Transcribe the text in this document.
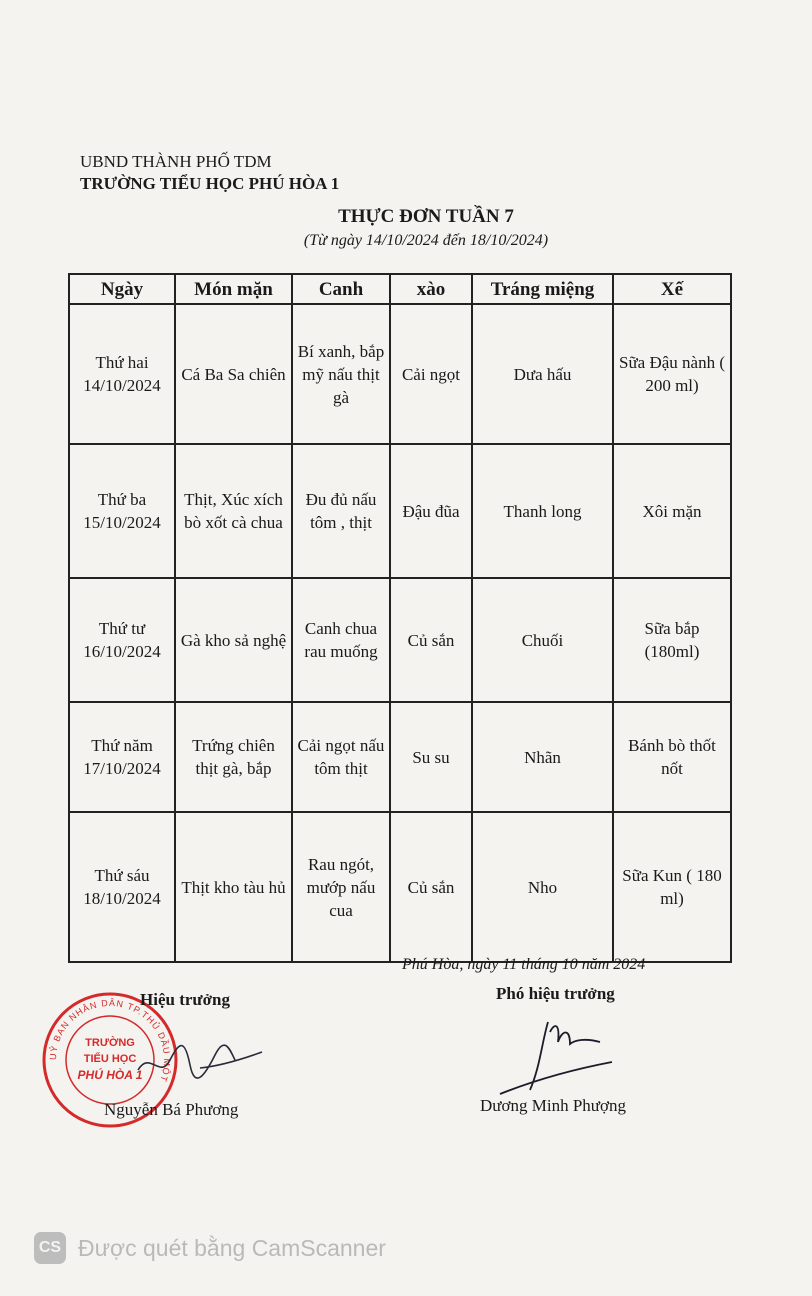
UBND THÀNH PHỐ TDM
TRƯỜNG TIỂU HỌC PHÚ HÒA 1
THỰC ĐƠN TUẦN 7
(Từ ngày 14/10/2024 đến 18/10/2024)
Ngày	Món mặn	Canh	xào	Tráng miệng	Xế

Thứ hai
14/10/2024	Cá Ba Sa chiên	Bí xanh, bắp mỹ nấu thịt gà	Cải ngọt	Dưa hấu	Sữa Đậu nành ( 200 ml)

Thứ ba
15/10/2024	Thịt, Xúc xích bò xốt cà chua	Đu đủ nấu tôm , thịt	Đậu đũa	Thanh long	Xôi mặn

Thứ tư
16/10/2024	Gà kho sả nghệ	Canh chua rau muống	Củ sắn	Chuối	Sữa bắp (180ml)

Thứ năm
17/10/2024	Trứng chiên thịt gà, bắp	Cải ngọt nấu tôm thịt	Su su	Nhãn	Bánh bò thốt nốt

Thứ sáu
18/10/2024	Thịt kho tàu hủ	Rau ngót, mướp nấu cua	Củ sắn	Nho	Sữa Kun ( 180 ml)
Phú Hòa, ngày 11 tháng 10 năm 2024
UỶ BAN NHÂN DÂN TP.THỦ DẦU MỘT
TRƯỜNG
TIỂU HỌC
PHÚ HÒA 1
Hiệu trưởng
Nguyễn Bá Phương
Phó hiệu trưởng
Dương Minh Phượng
CS Được quét bằng CamScanner
